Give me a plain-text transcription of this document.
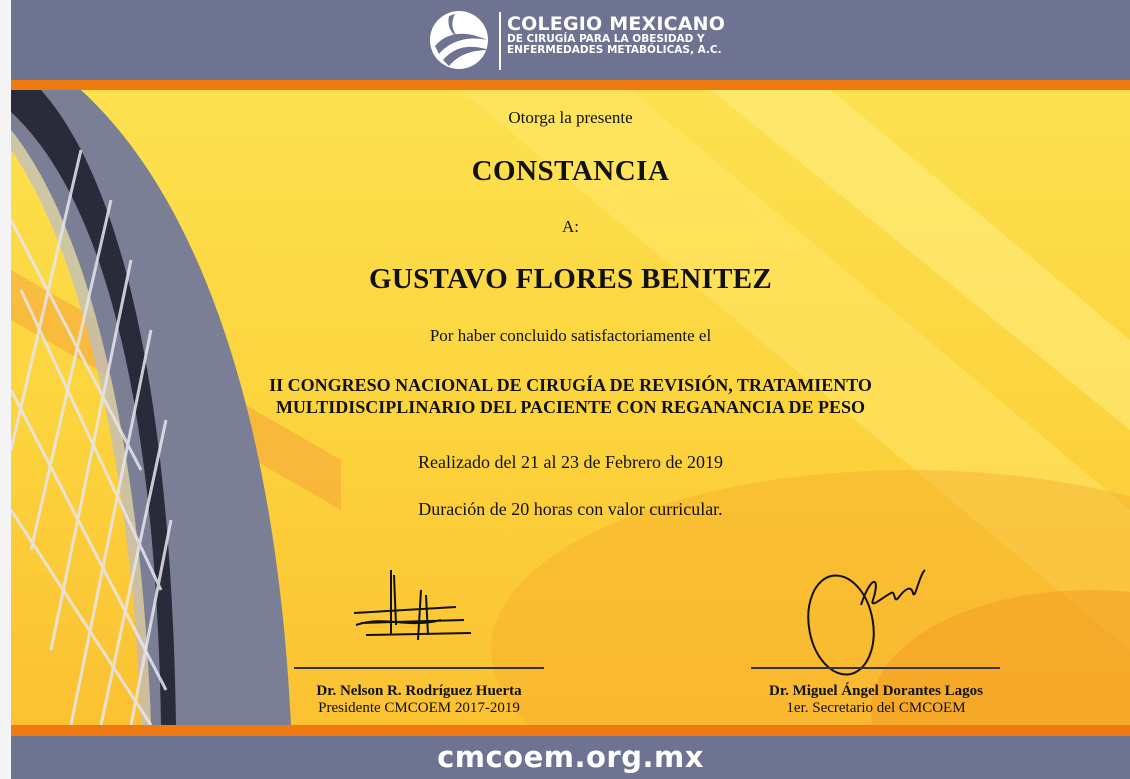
COLEGIO MEXICANO
DE CIRUGÍA PARA LA OBESIDAD Y
ENFERMEDADES METABÓLICAS, A.C.
Otorga la presente
CONSTANCIA
A:
GUSTAVO FLORES BENITEZ
Por haber concluido satisfactoriamente el
II CONGRESO NACIONAL DE CIRUGÍA DE REVISIÓN, TRATAMIENTO
MULTIDISCIPLINARIO DEL PACIENTE CON REGANANCIA DE PESO
Realizado del 21 al 23 de Febrero de 2019
Duración de 20 horas con valor curricular.
Dr. Nelson R. Rodríguez Huerta
Presidente CMCOEM 2017-2019
Dr. Miguel Ángel Dorantes Lagos
1er. Secretario del CMCOEM
cmcoem.org.mx
